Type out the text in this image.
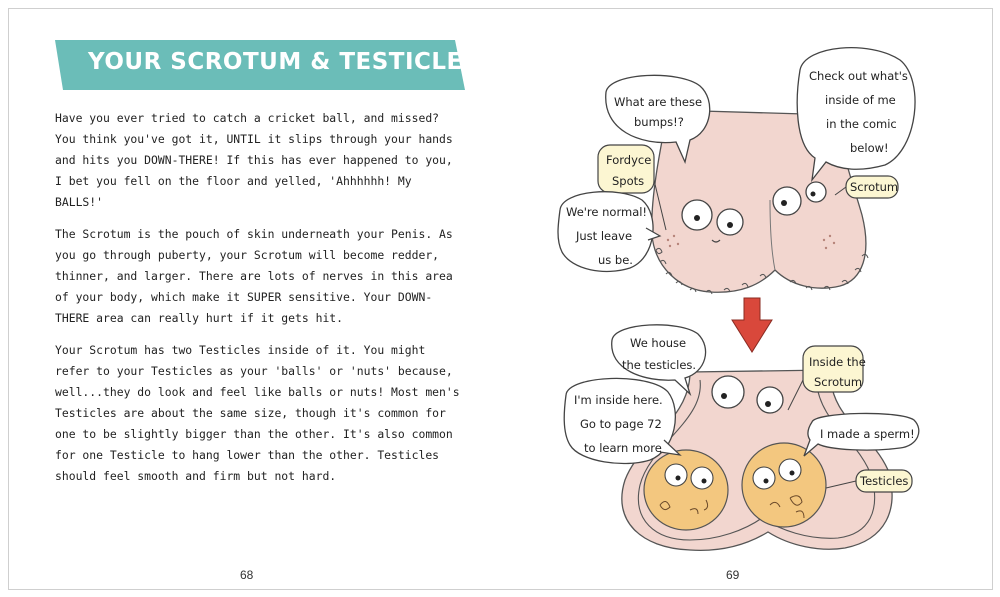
YOUR SCROTUM & TESTICLES

Have you ever tried to catch a cricket ball, and missed? You think you've got it, UNTIL it slips through your hands and hits you DOWN-THERE! If this has ever happened to you, I bet you fell on the floor and yelled, 'Ahhhhhh! My BALLS!'

The Scrotum is the pouch of skin underneath your Penis. As you go through puberty, your Scrotum will become redder, thinner, and larger. There are lots of nerves in this area of your body, which make it SUPER sensitive. Your DOWN-THERE area can really hurt if it gets hit.

Your Scrotum has two Testicles inside of it. You might refer to your Testicles as your 'balls' or 'nuts' because, well...they do look and feel like balls or nuts! Most men's Testicles are about the same size, though it's common for one to be slightly bigger than the other. It's also common for one Testicle to hang lower than the other. Testicles should feel smooth and firm but not hard.

68	69
What are these
bumps!?
Check out what's
inside of me
in the comic
below!
Fordyce
Spots	Scrotum
We're normal!
Just leave
us be.
We house
the testicles.	Inside the
Scrotum
I'm inside here.
Go to page 72
to learn more
I made a sperm!
Testicles
